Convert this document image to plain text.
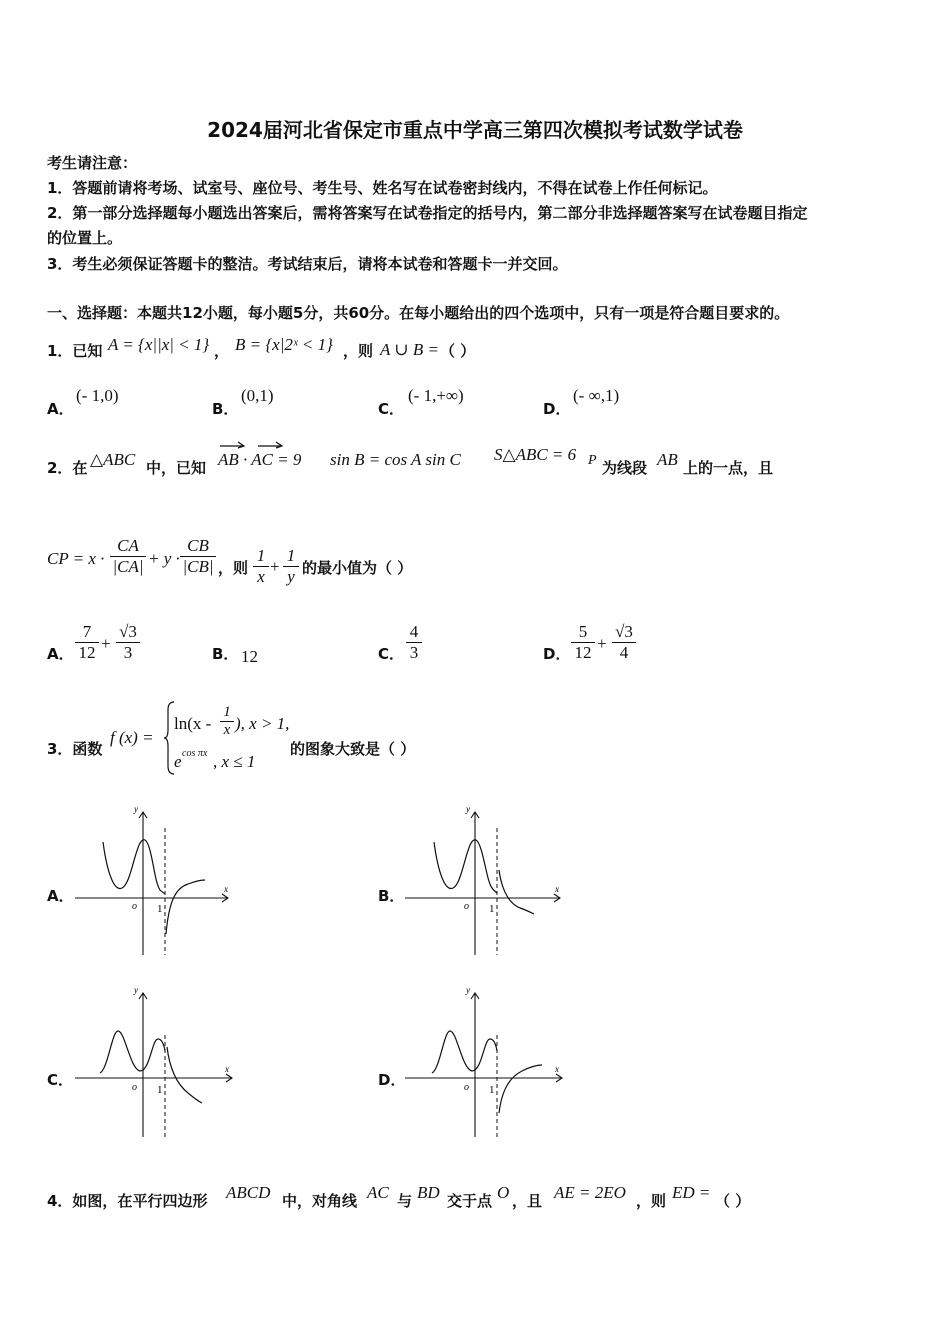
2024届河北省保定市重点中学高三第四次模拟考试数学试卷
考生请注意：
1．答题前请将考场、试室号、座位号、考生号、姓名写在试卷密封线内，不得在试卷上作任何标记。
2．第一部分选择题每小题选出答案后，需将答案写在试卷指定的括号内，第二部分非选择题答案写在试卷题目指定
的位置上。
3．考生必须保证答题卡的整洁。考试结束后，请将本试卷和答题卡一并交回。
一、选择题：本题共12小题，每小题5分，共60分。在每小题给出的四个选项中，只有一项是符合题目要求的。
1．已知 A = {x||x| < 1} ， B = {x|2ˣ < 1} ，则 A ∪ B = （ ）
A．
(- 1,0)
B．
(0,1)
C．
(- 1,+∞)
D．
(- ∞,1)
2．在 △ABC 中，已知 AB · AC = 9 sin B = cos A sin C S△ABC = 6 P 为线段 AB 上的一点，且
CP = $x \cdot \frac{CA}{|CA|} + y \cdot \frac{CB}{|CB|}$ ，则 $\frac{1}{x} + \frac{1}{y}$ 的最小值为（ ）
A． $\frac{7}{12} + \frac{√3}{3}$	B． 12	C． $\frac{4}{3}$	D． $\frac{5}{12} + \frac{√3}{4}$
3．函数
f (x) =
$\ln(x - \frac{1}{x}$ ), x > 1,
e cos πx , x ≤ 1
的图象大致是（ ）
A．
y
x
o 1
B．
y
x
o 1
C．
y
x
o 1
D．
y
x
o 1
4．如图，在平行四边形 ABCD 中，对角线 AC 与 BD 交于点 O ，且 AE = 2EO ，则 ED = （ ）
